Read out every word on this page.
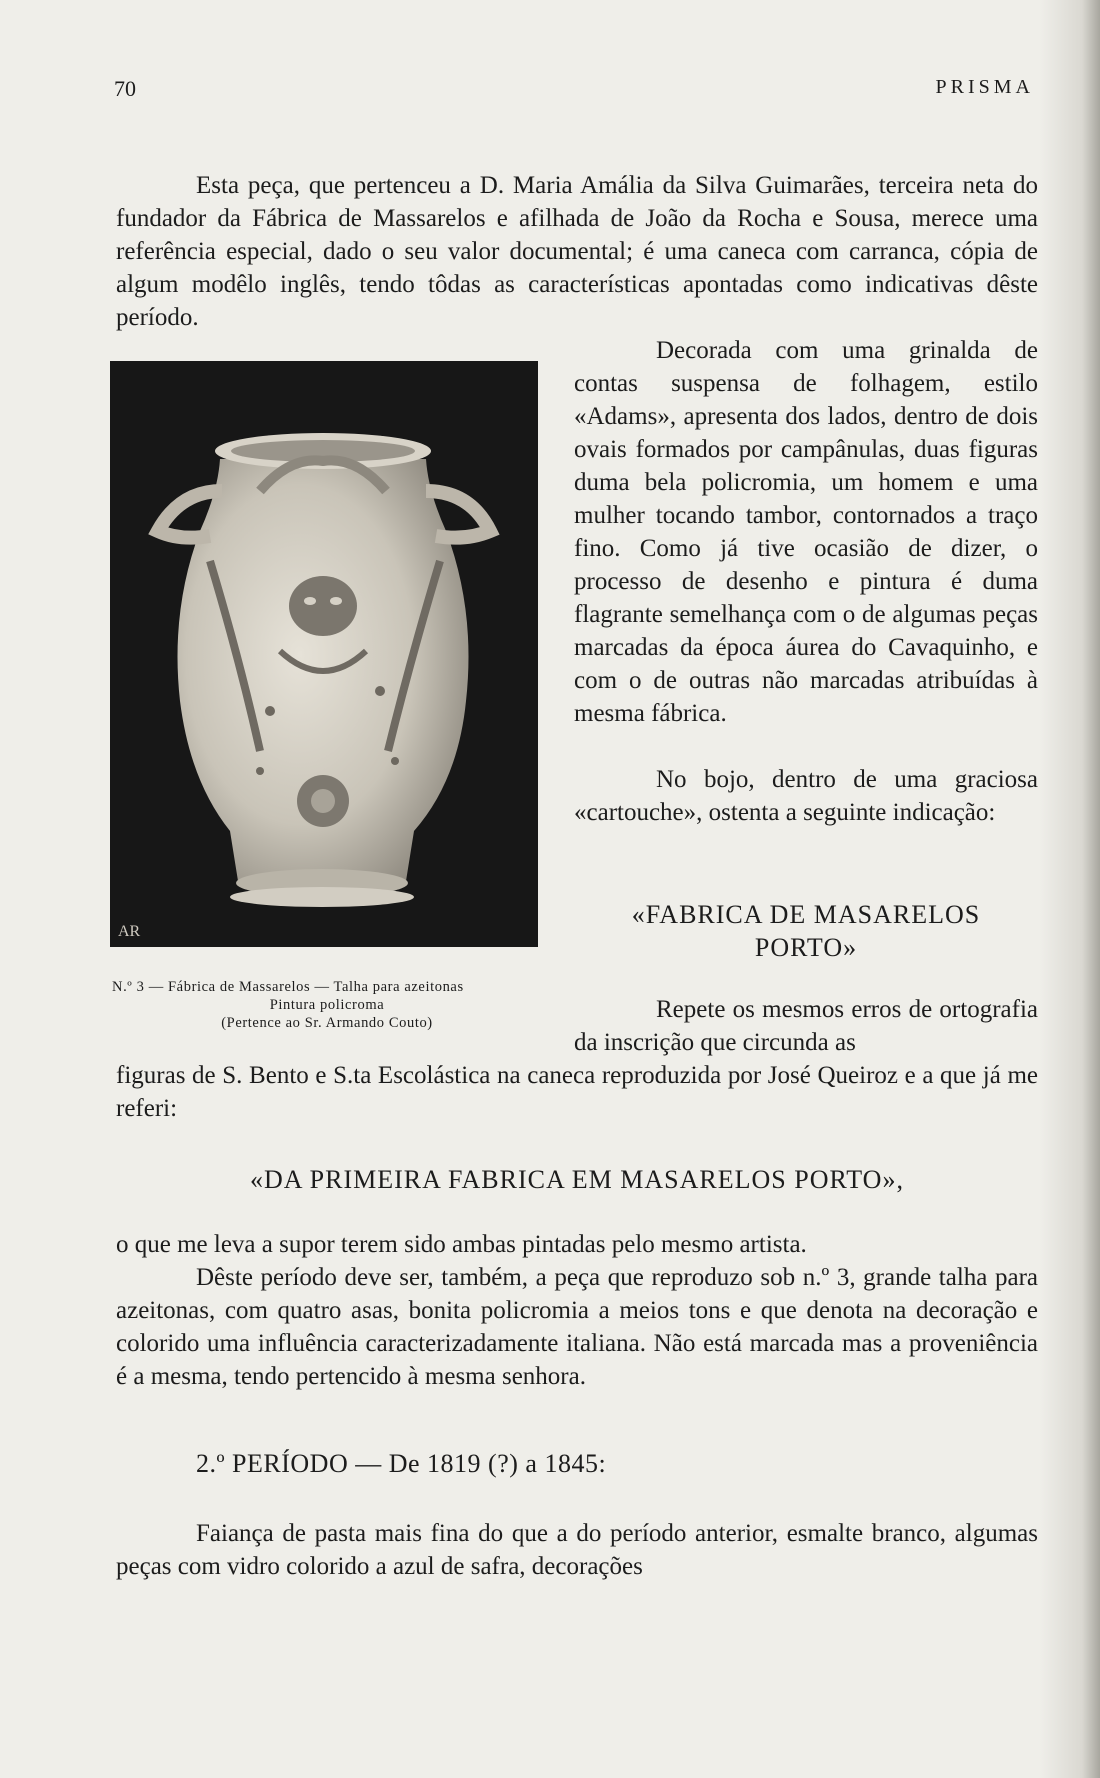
70	PRISMA
Esta peça, que pertenceu a D. Maria Amália da Silva Guimarães, terceira neta do fundador da Fábrica de Massarelos e afilhada de João da Rocha e Sousa, merece uma referência especial, dado o seu valor documental; é uma caneca com carranca, cópia de algum modêlo inglês, tendo tôdas as características apontadas como indicativas dêste período.
Decorada com uma grinalda de contas suspensa de folhagem, estilo «Adams», apresenta dos lados, dentro de dois ovais formados por campânulas, duas figuras duma bela policromia, um homem e uma mulher tocando tambor, contornados a traço fino. Como já tive ocasião de dizer, o processo de desenho e pintura é duma flagrante semelhança com o de algumas peças marcadas da época áurea do Cavaquinho, e com o de outras não marcadas atribuídas à mesma fábrica.
No bojo, dentro de uma graciosa «cartouche», ostenta a seguinte indicação:
«FABRICA DE MASARELOS
PORTO»
AR
N.º 3 — Fábrica de Massarelos — Talha para azeitonas
Pintura policroma
(Pertence ao Sr. Armando Couto)	Repete os mesmos erros de ortografia da inscrição que circunda as
figuras de S. Bento e S.ta Escolástica na caneca reproduzida por José Queiroz e a que já me referi:
«DA PRIMEIRA FABRICA EM MASARELOS PORTO»,
o que me leva a supor terem sido ambas pintadas pelo mesmo artista.
Dêste período deve ser, também, a peça que reproduzo sob n.º 3, grande talha para azeitonas, com quatro asas, bonita policromia a meios tons e que denota na decoração e colorido uma influência caracterizadamente italiana. Não está marcada mas a proveniência é a mesma, tendo pertencido à mesma senhora.
2.º PERÍODO — De 1819 (?) a 1845:
Faiança de pasta mais fina do que a do período anterior, esmalte branco, algumas peças com vidro colorido a azul de safra, decorações
